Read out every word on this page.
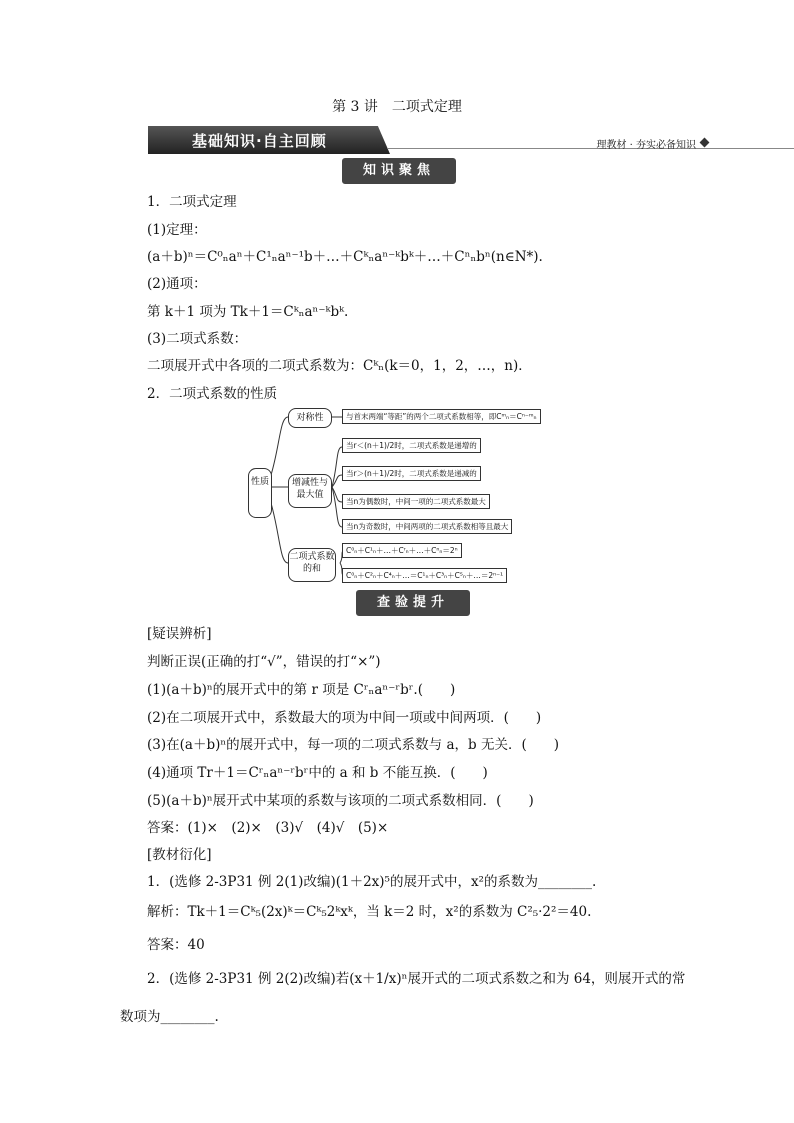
第 3 讲　二项式定理
基础知识·自主回顾	理教材 · 夯实必备知识
知识聚焦
1．二项式定理
(1)定理：
(a＋b)ⁿ＝C⁰ₙaⁿ＋C¹ₙaⁿ⁻¹b＋…＋Cᵏₙaⁿ⁻ᵏbᵏ＋…＋Cⁿₙbⁿ(n∈N*).
(2)通项：
第 k＋1 项为 Tk＋1＝Cᵏₙaⁿ⁻ᵏbᵏ.
(3)二项式系数：
二项展开式中各项的二项式系数为：Cᵏₙ(k＝0，1，2，…，n)．
2．二项式系数的性质
性质
对称性
增减性与最大值
二项式系数的和
与首末两端“等距”的两个二项式系数相等，即Cᵐₙ＝Cⁿ⁻ᵐₙ
当r＜(n＋1)/2时，二项式系数是递增的
当r＞(n＋1)/2时，二项式系数是递减的
当n为偶数时，中间一项的二项式系数最大
当n为奇数时，中间两项的二项式系数相等且最大
C⁰ₙ＋C¹ₙ＋…＋Cʳₙ＋…＋Cⁿₙ＝2ⁿ
C⁰ₙ＋C²ₙ＋C⁴ₙ＋…＝C¹ₙ＋C³ₙ＋C⁵ₙ＋…＝2ⁿ⁻¹
查验提升
[疑误辨析]
判断正误(正确的打“√”，错误的打“×”)
(1)(a＋b)ⁿ的展开式中的第 r 项是 Cʳₙaⁿ⁻ʳbʳ.(　　)
(2)在二项展开式中，系数最大的项为中间一项或中间两项．(　　)
(3)在(a＋b)ⁿ的展开式中，每一项的二项式系数与 a，b 无关．(　　)
(4)通项 Tr＋1＝Cʳₙaⁿ⁻ʳbʳ中的 a 和 b 不能互换．(　　)
(5)(a＋b)ⁿ展开式中某项的系数与该项的二项式系数相同．(　　)
答案：(1)×　(2)×　(3)√　(4)√　(5)×
[教材衍化]
1．(选修 2-3P31 例 2(1)改编)(1＋2x)⁵的展开式中，x²的系数为________.
解析：Tk＋1＝Cᵏ₅(2x)ᵏ＝Cᵏ₅2ᵏxᵏ，当 k＝2 时，x²的系数为 C²₅·2²＝40.
答案：40
2．(选修 2-3P31 例 2(2)改编)若(x＋1/x)ⁿ展开式的二项式系数之和为 64，则展开式的常
数项为________.
